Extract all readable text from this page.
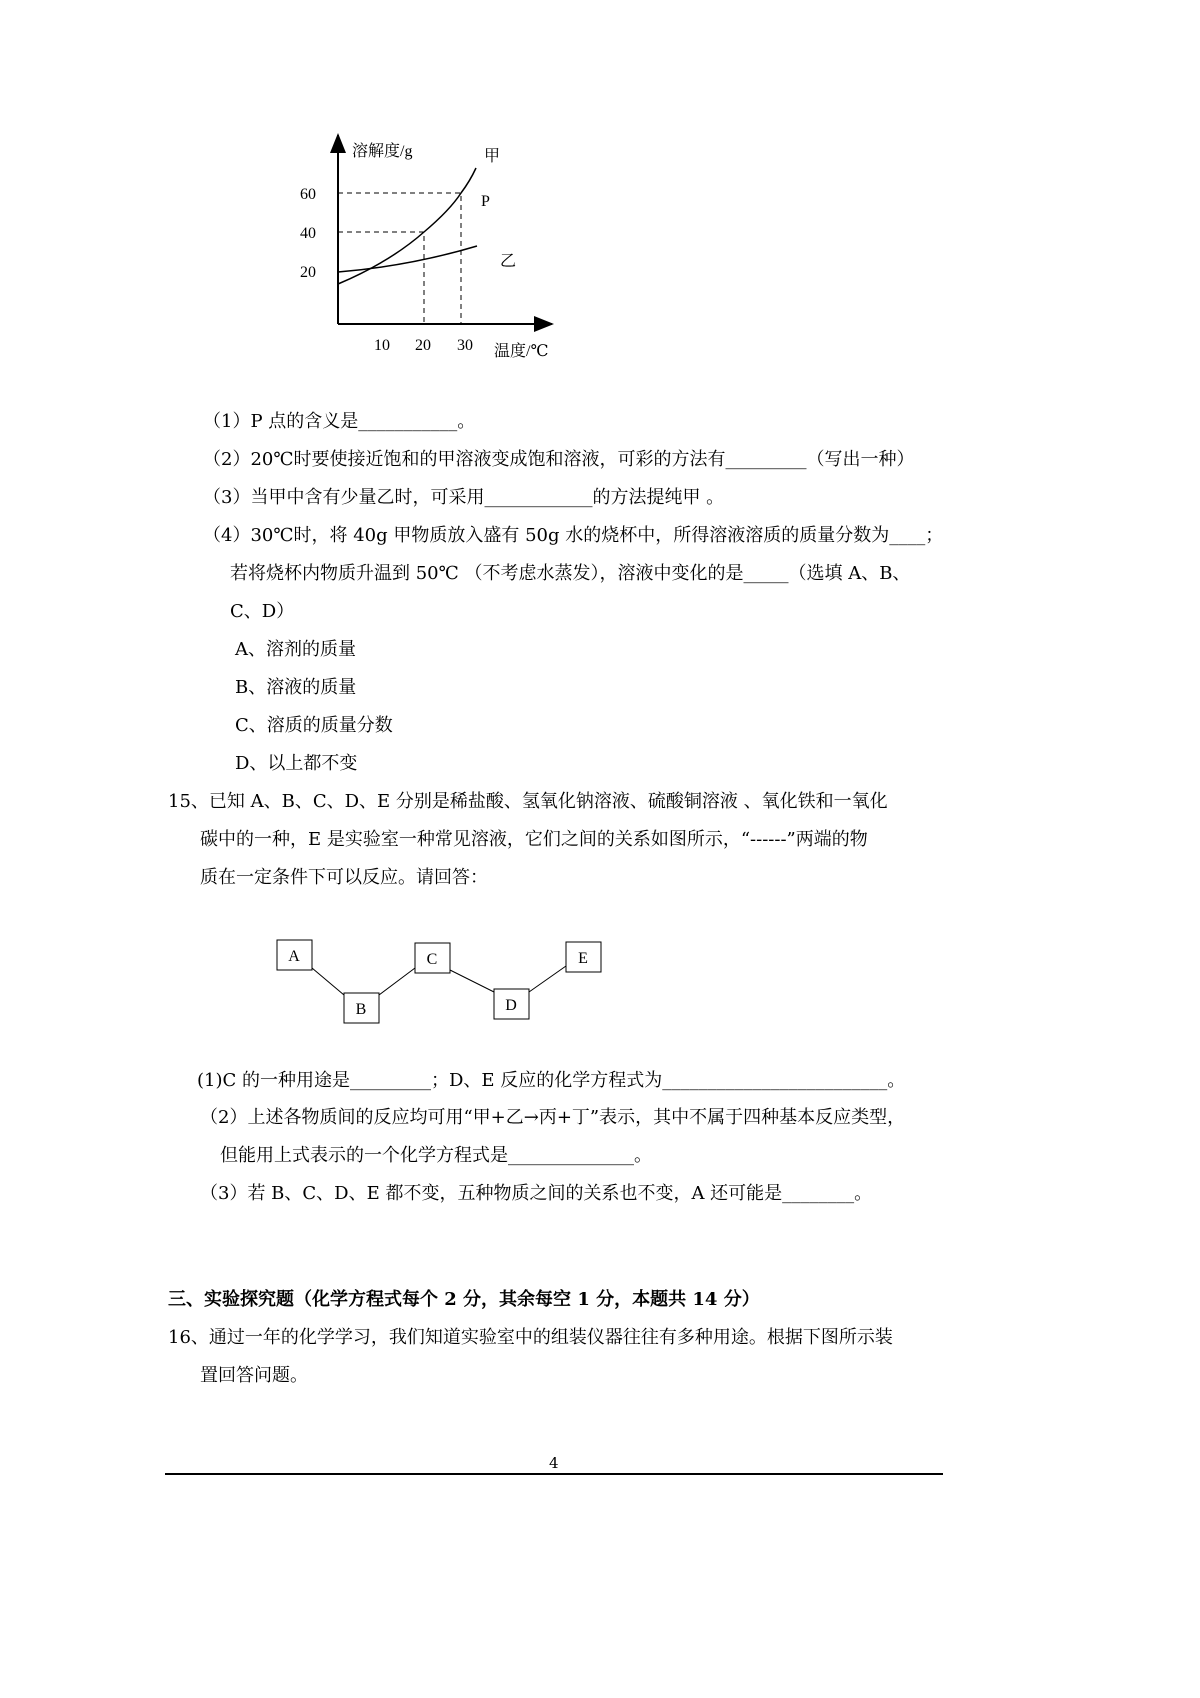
溶解度/g
温度/℃
60
40
20
10 20 30
甲
P
乙
A
B
C
D
E
（1）P 点的含义是___________。
（2）20℃时要使接近饱和的甲溶液变成饱和溶液，可彩的方法有_________（写出一种）
（3）当甲中含有少量乙时，可采用____________的方法提纯甲 。
（4）30℃时，将 40g 甲物质放入盛有 50g 水的烧杯中，所得溶液溶质的质量分数为____；
若将烧杯内物质升温到 50℃ （不考虑水蒸发），溶液中变化的是_____（选填 A、B、
C、D）
A、溶剂的质量
B、溶液的质量
C、溶质的质量分数
D、以上都不变
15、已知 A、B、C、D、E 分别是稀盐酸、氢氧化钠溶液、硫酸铜溶液 、氧化铁和一氧化
碳中的一种，E 是实验室一种常见溶液，它们之间的关系如图所示，“------”两端的物
质在一定条件下可以反应。请回答：
(1)C 的一种用途是_________；D、E 反应的化学方程式为_________________________。
（2）上述各物质间的反应均可用“甲+乙→丙+丁”表示，其中不属于四种基本反应类型，
但能用上式表示的一个化学方程式是______________。
（3）若 B、C、D、E 都不变，五种物质之间的关系也不变，A 还可能是________。
三、实验探究题（化学方程式每个 2 分，其余每空 1 分，本题共 14 分）
16、通过一年的化学学习，我们知道实验室中的组装仪器往往有多种用途。根据下图所示装
置回答问题。
4
